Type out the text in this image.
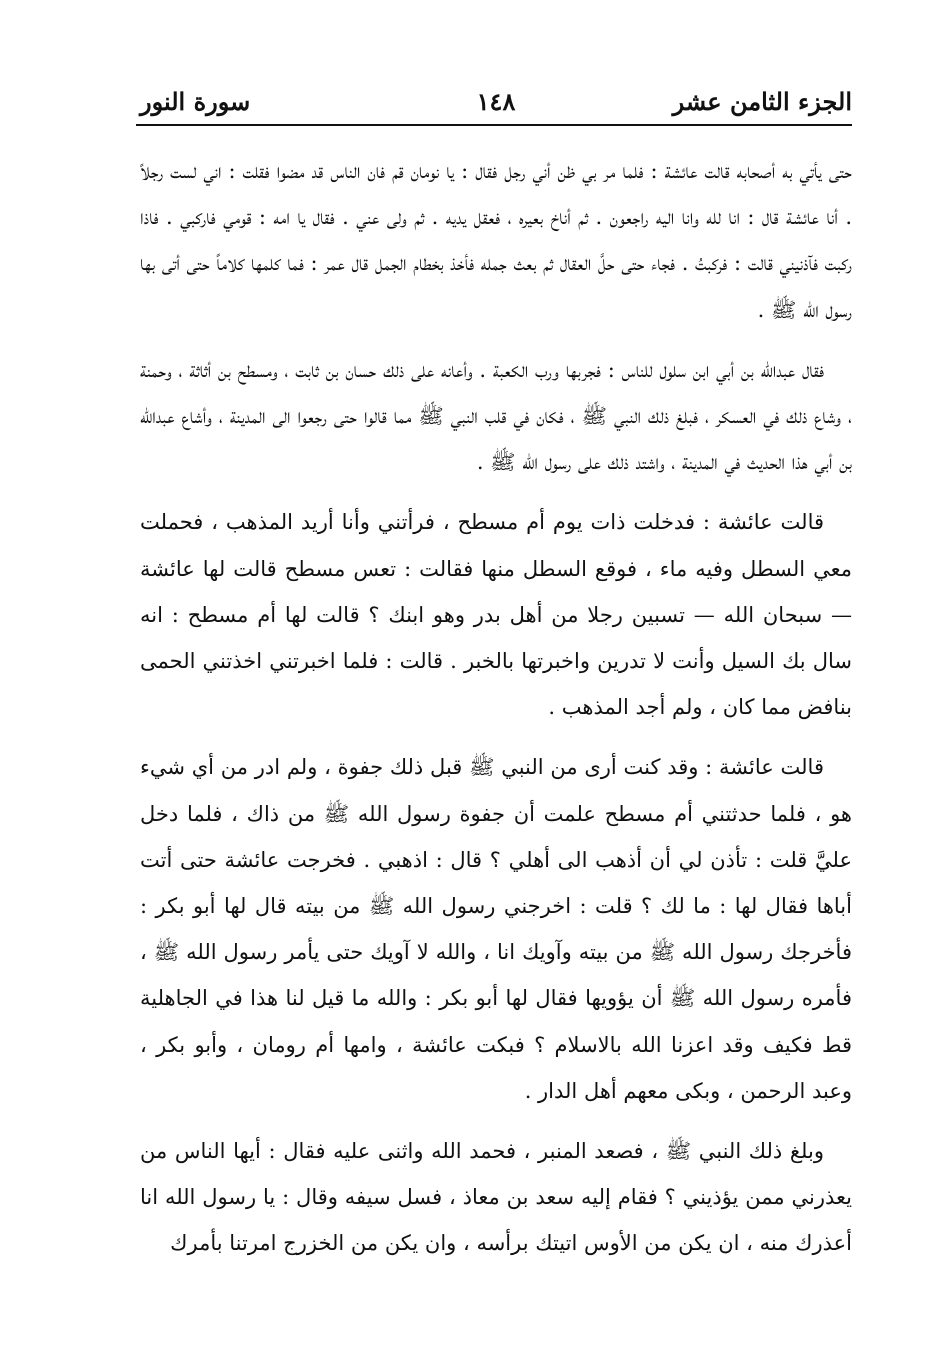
الجزء الثامن عشر
١٤٨
سورة النور

حتى يأتي به أصحابه قالت عائشة : فلما مر بي ظن أني رجل فقال : يا نومان قم فان الناس قد مضوا فقلت : اني لست رجلاً . أنا عائشة قال : انا لله وانا اليه راجعون . ثم أناخ بعيره ، فعقل يديه . ثم ولى عني . فقال يا امه : قومي فاركبي . فاذا ركبت فآذنيني قالت : فركبتُ . فجاء حتى حلَّ العقال ثم بعث جمله فأخذ بخطام الجمل قال عمر : فما كلمها كلاماً حتى أتى بها رسول الله ﷺ .

فقال عبدالله بن أبي ابن سلول للناس : فجربها ورب الكعبة . وأعانه على ذلك حسان بن ثابت ، ومسطح بن أثاثة ، وحمنة ، وشاع ذلك في العسكر ، فبلغ ذلك النبي ﷺ ، فكان في قلب النبي ﷺ مما قالوا حتى رجعوا الى المدينة ، وأشاع عبدالله بن أبي هذا الحديث في المدينة ، واشتد ذلك على رسول الله ﷺ .

قالت عائشة : فدخلت ذات يوم أم مسطح ، فرأتني وأنا أريد المذهب ، فحملت معي السطل وفيه ماء ، فوقع السطل منها فقالت : تعس مسطح قالت لها عائشة — سبحان الله — تسبين رجلا من أهل بدر وهو ابنك ؟ قالت لها أم مسطح : انه سال بك السيل وأنت لا تدرين واخبرتها بالخبر . قالت : فلما اخبرتني اخذتني الحمى بنافض مما كان ، ولم أجد المذهب .

قالت عائشة : وقد كنت أرى من النبي ﷺ قبل ذلك جفوة ، ولم ادر من أي شيء هو ، فلما حدثتني أم مسطح علمت أن جفوة رسول الله ﷺ من ذاك ، فلما دخل عليَّ قلت : تأذن لي أن أذهب الى أهلي ؟ قال : اذهبي . فخرجت عائشة حتى أتت أباها فقال لها : ما لك ؟ قلت : اخرجني رسول الله ﷺ من بيته قال لها أبو بكر : فأخرجك رسول الله ﷺ من بيته وآويك انا ، والله لا آويك حتى يأمر رسول الله ﷺ ، فأمره رسول الله ﷺ أن يؤويها فقال لها أبو بكر : والله ما قيل لنا هذا في الجاهلية قط فكيف وقد اعزنا الله بالاسلام ؟ فبكت عائشة ، وامها أم رومان ، وأبو بكر ، وعبد الرحمن ، وبكى معهم أهل الدار .

وبلغ ذلك النبي ﷺ ، فصعد المنبر ، فحمد الله واثنى عليه فقال : أيها الناس من يعذرني ممن يؤذيني ؟ فقام إليه سعد بن معاذ ، فسل سيفه وقال : يا رسول الله انا أعذرك منه ، ان يكن من الأوس اتيتك برأسه ، وان يكن من الخزرج امرتنا بأمرك
